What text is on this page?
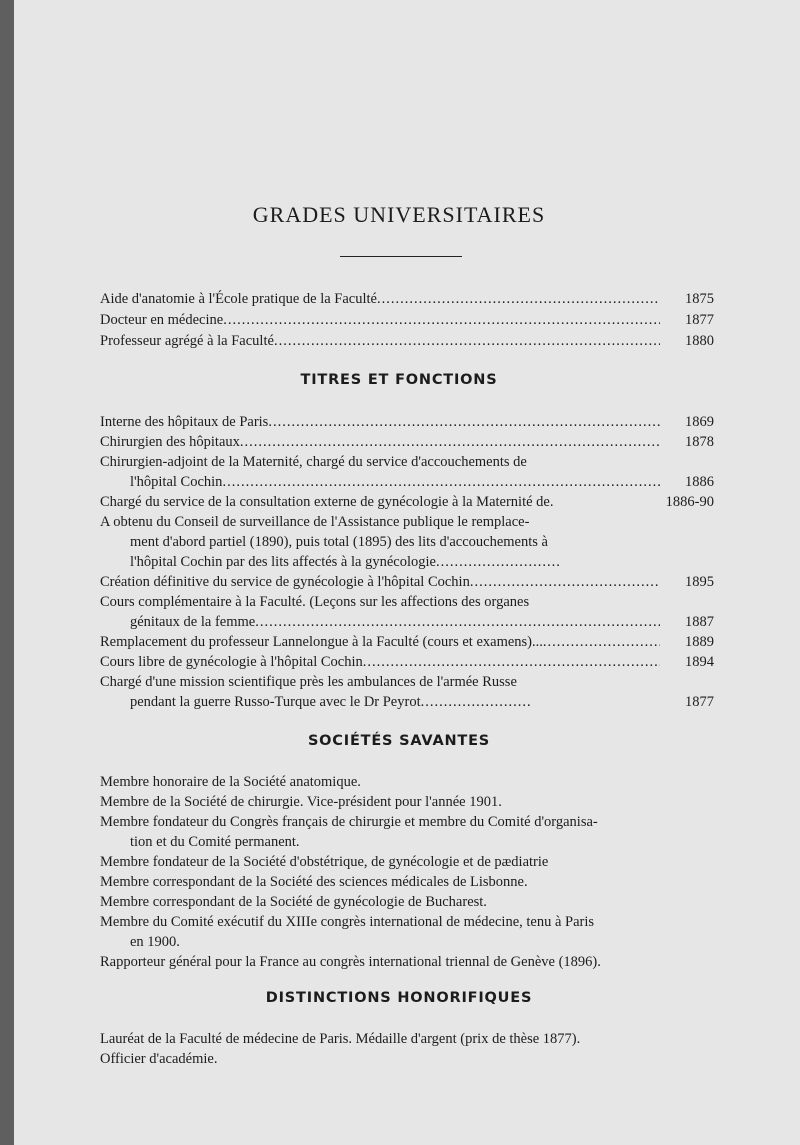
GRADES UNIVERSITAIRES
Aide d'anatomie à l'École pratique de la Faculté .....	1875
Docteur en médecine .....	1877
Professeur agrégé à la Faculté .....	1880
TITRES ET FONCTIONS
Interne des hôpitaux de Paris .....	1869
Chirurgien des hôpitaux .....	1878
Chirurgien-adjoint de la Maternité, chargé du service d'accouchements de
l'hôpital Cochin .....	1886
Chargé du service de la consultation externe de gynécologie à la Maternité de.	1886-90
A obtenu du Conseil de surveillance de l'Assistance publique le remplace-
ment d'abord partiel (1890), puis total (1895) des lits d'accouchements à
l'hôpital Cochin par des lits affectés à la gynécologie
.....
Création définitive du service de gynécologie à l'hôpital Cochin .....	1895
Cours complémentaire à la Faculté. (Leçons sur les affections des organes
génitaux de la femme .....	1887
Remplacement du professeur Lannelongue à la Faculté (cours et examens)... .....	1889
Cours libre de gynécologie à l'hôpital Cochin .....	1894
Chargé d'une mission scientifique près les ambulances de l'armée Russe
pendant la guerre Russo-Turque avec le Dr Peyrot .....	1877
SOCIÉTÉS SAVANTES
Membre honoraire de la Société anatomique.
Membre de la Société de chirurgie. Vice-président pour l'année 1901.
Membre fondateur du Congrès français de chirurgie et membre du Comité d'organisa-
tion et du Comité permanent.
Membre fondateur de la Société d'obstétrique, de gynécologie et de pædiatrie
Membre correspondant de la Société des sciences médicales de Lisbonne.
Membre correspondant de la Société de gynécologie de Bucharest.
Membre du Comité exécutif du XIIIe congrès international de médecine, tenu à Paris
en 1900.
Rapporteur général pour la France au congrès international triennal de Genève (1896).
DISTINCTIONS HONORIFIQUES
Lauréat de la Faculté de médecine de Paris. Médaille d'argent (prix de thèse 1877).
Officier d'académie.
